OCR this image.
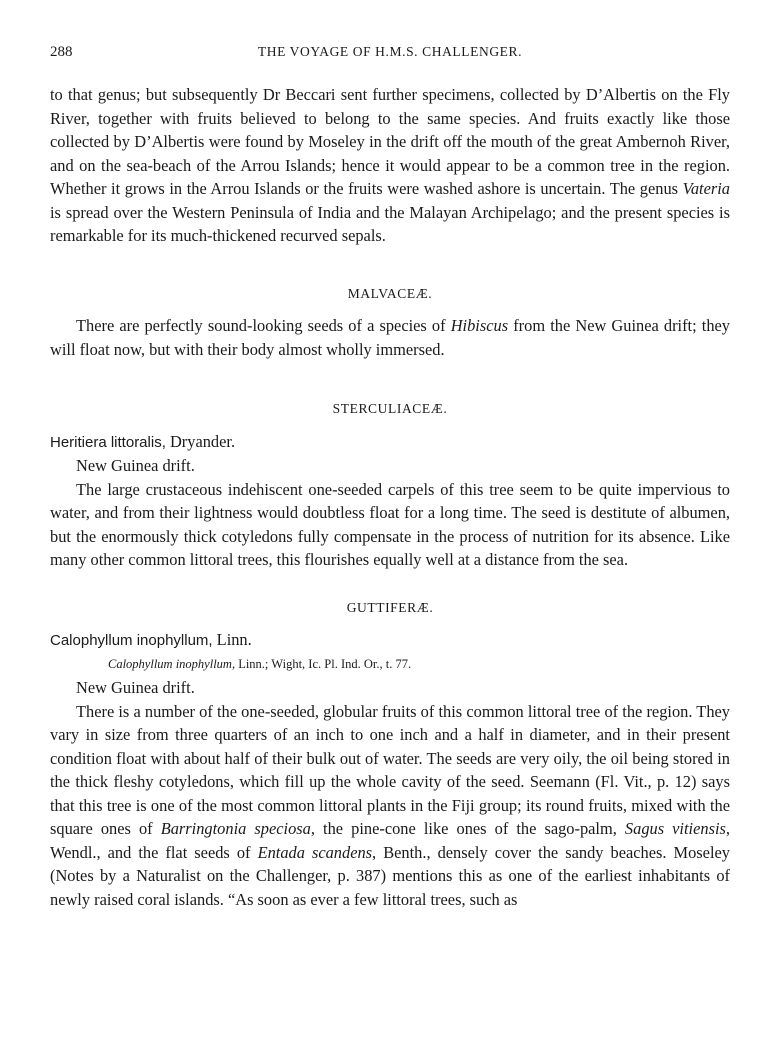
288	THE VOYAGE OF H.M.S. CHALLENGER.

to that genus; but subsequently Dr Beccari sent further specimens, collected by D’Albertis on the Fly River, together with fruits believed to belong to the same species. And fruits exactly like those collected by D’Albertis were found by Moseley in the drift off the mouth of the great Ambernoh River, and on the sea-beach of the Arrou Islands; hence it would appear to be a common tree in the region. Whether it grows in the Arrou Islands or the fruits were washed ashore is uncertain. The genus Vateria is spread over the Western Peninsula of India and the Malayan Archipelago; and the present species is remarkable for its much-thickened recurved sepals.

MALVACEÆ.

There are perfectly sound-looking seeds of a species of Hibiscus from the New Guinea drift; they will float now, but with their body almost wholly immersed.

STERCULIACEÆ.

Heritiera littoralis, Dryander.

New Guinea drift.

The large crustaceous indehiscent one-seeded carpels of this tree seem to be quite impervious to water, and from their lightness would doubtless float for a long time. The seed is destitute of albumen, but the enormously thick cotyledons fully compensate in the process of nutrition for its absence. Like many other common littoral trees, this flourishes equally well at a distance from the sea.

GUTTIFERÆ.

Calophyllum inophyllum, Linn.

Calophyllum inophyllum, Linn.; Wight, Ic. Pl. Ind. Or., t. 77.

New Guinea drift.

There is a number of the one-seeded, globular fruits of this common littoral tree of the region. They vary in size from three quarters of an inch to one inch and a half in diameter, and in their present condition float with about half of their bulk out of water. The seeds are very oily, the oil being stored in the thick fleshy cotyledons, which fill up the whole cavity of the seed. Seemann (Fl. Vit., p. 12) says that this tree is one of the most common littoral plants in the Fiji group; its round fruits, mixed with the square ones of Barringtonia speciosa, the pine-cone like ones of the sago-palm, Sagus vitiensis, Wendl., and the flat seeds of Entada scandens, Benth., densely cover the sandy beaches. Moseley (Notes by a Naturalist on the Challenger, p. 387) mentions this as one of the earliest inhabitants of newly raised coral islands. “As soon as ever a few littoral trees, such as
